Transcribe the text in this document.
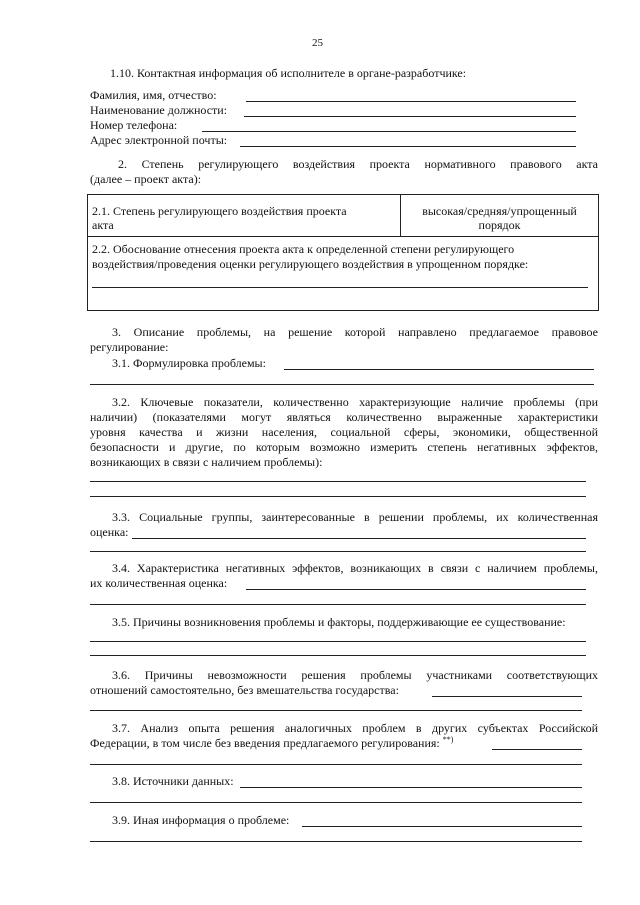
25
1.10. Контактная информация об исполнителе в органе-разработчике:
Фамилия, имя, отчество:
Наименование должности:
Номер телефона:
Адрес электронной почты:
2. Степень регулирующего воздействия проекта нормативного правового акта
(далее – проект акта):
2.1. Степень регулирующего воздействия проекта
акта
высокая/средняя/упрощенный
порядок
2.2. Обоснование отнесения проекта акта к определенной степени регулирующего
воздействия/проведения оценки регулирующего воздействия в упрощенном порядке:
3. Описание проблемы, на решение которой направлено предлагаемое правовое
регулирование:
3.1. Формулировка проблемы:
3.2. Ключевые показатели, количественно характеризующие наличие проблемы (при
наличии) (показателями могут являться количественно выраженные характеристики
уровня качества и жизни населения, социальной сферы, экономики, общественной
безопасности и другие, по которым возможно измерить степень негативных эффектов,
возникающих в связи с наличием проблемы):
3.3. Социальные группы, заинтересованные в решении проблемы, их количественная
оценка:
3.4. Характеристика негативных эффектов, возникающих в связи с наличием проблемы,
их количественная оценка:
3.5. Причины возникновения проблемы и факторы, поддерживающие ее существование:
3.6. Причины невозможности решения проблемы участниками соответствующих
отношений самостоятельно, без вмешательства государства:
3.7. Анализ опыта решения аналогичных проблем в других субъектах Российской
Федерации, в том числе без введения предлагаемого регулирования: **)
3.8. Источники данных:
3.9. Иная информация о проблеме:
